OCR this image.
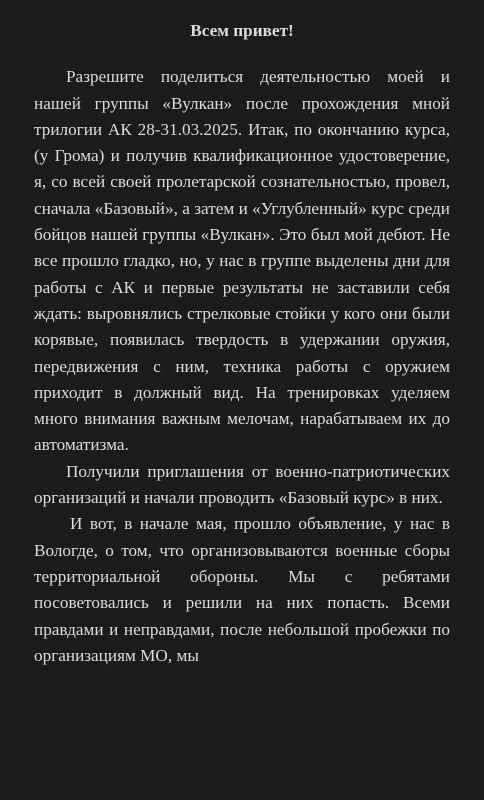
Всем привет!

Разрешите поделиться деятельностью моей и нашей группы «Вулкан» после прохождения мной трилогии АК 28-31.03.2025. Итак, по окончанию курса, (у Грома) и получив квалификационное удостоверение, я, со всей своей пролетарской сознательностью, провел, сначала «Базовый», а затем и «Углубленный» курс среди бойцов нашей группы «Вулкан». Это был мой дебют. Не все прошло гладко, но, у нас в группе выделены дни для работы с АК и первые результаты не заставили себя ждать: выровнялись стрелковые стойки у кого они были корявые, появилась твердость в удержании оружия, передвижения с ним, техника работы с оружием приходит в должный вид. На тренировках уделяем много внимания важным мелочам, нарабатываем их до автоматизма.

Получили приглашения от военно-патриотических организаций и начали проводить «Базовый курс» в них.

И вот, в начале мая, прошло объявление, у нас в Вологде, о том, что организовываются военные сборы территориальной обороны. Мы с ребятами посоветовались и решили на них попасть. Всеми правдами и неправдами, после небольшой пробежки по организациям МО, мы
